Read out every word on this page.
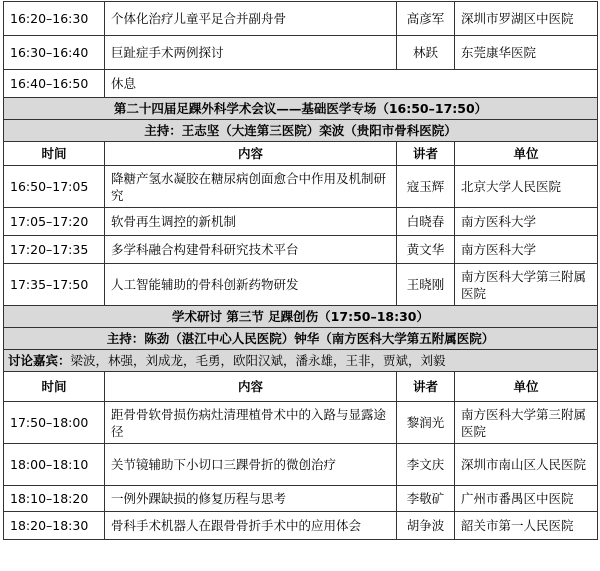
16:20–16:30	个体化治疗儿童平足合并副舟骨	高彦军	深圳市罗湖区中医院
16:30–16:40	巨趾症手术两例探讨	林跃	东莞康华医院
16:40–16:50	休息		
第二十四届足踝外科学术会议——基础医学专场（16:50–17:50）			
主持：王志坚（大连第三医院）栾波（贵阳市骨科医院）			
时间	内容	讲者	单位
16:50–17:05	降糖产氢水凝胶在糖尿病创面愈合中作用及机制研究	寇玉辉	北京大学人民医院
17:05–17:20	软骨再生调控的新机制	白晓春	南方医科大学
17:20–17:35	多学科融合构建骨科研究技术平台	黄文华	南方医科大学
17:35–17:50	人工智能辅助的骨科创新药物研发	王晓刚	南方医科大学第三附属医院
学术研讨 第三节 足踝创伤（17:50–18:30）			
主持：陈劲（湛江中心人民医院）钟华（南方医科大学第五附属医院）			
讨论嘉宾：梁波，林强，刘成龙，毛勇，欧阳汉斌，潘永雄，王非，贾斌，刘毅			
时间	内容	讲者	单位
17:50–18:00	距骨骨软骨损伤病灶清理植骨术中的入路与显露途径	黎润光	南方医科大学第三附属医院
18:00–18:10	关节镜辅助下小切口三踝骨折的微创治疗	李文庆	深圳市南山区人民医院
18:10–18:20	一例外踝缺损的修复历程与思考	李敬矿	广州市番禺区中医院
18:20–18:30	骨科手术机器人在跟骨骨折手术中的应用体会	胡争波	韶关市第一人民医院
